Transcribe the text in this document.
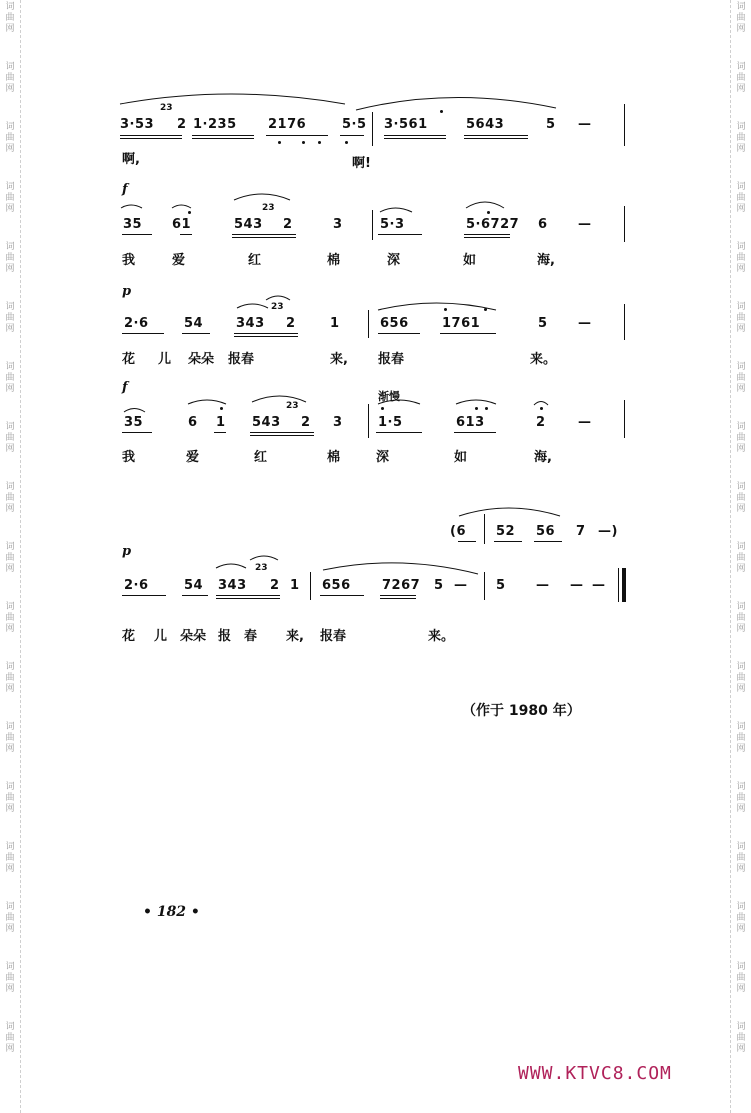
词
曲
网
词
曲
网
词
曲
网
词
曲
网
词
曲
网
词
曲
网
词
曲
网
词
曲
网
词
曲
网
词
曲
网
词
曲
网
词
曲
网
词
曲
网
词
曲
网
词
曲
网
词
曲
网
词
曲
网
词
曲
网
词
曲
网
词
曲
网
词
曲
网
词
曲
网
词
曲
网
词
曲
网
词
曲
网
词
曲
网
词
曲
网
词
曲
网
词
曲
网
词
曲
网
词
曲
网
词
曲
网
词
曲
网
词
曲
网
词
曲
网
词
曲
网
3·53
23
2 1·235 2176	5·5 3·561	5643	5 —
啊,	啊!
f
35 61	543
23
2	3	5·3	5·6727 6 —
我	爱	红	棉	深	如	海,
p
2·6	54	343
23
2	1	656	1761	5 —
花 儿 朵朵 报春	来, 报春	来。
f
渐慢
35	6 1 543
23
2 3	1·5	613	2 —
我	爱	红	棉	深	如	海,
(6 52 56 7 —)
p
2·6	54 343
23
2 1 656 7267 5 — 5 — — —
花 儿 朵朵 报 春 来, 报春	来。
（作于 1980 年）
• 182 •
WWW.KTVC8.COM
